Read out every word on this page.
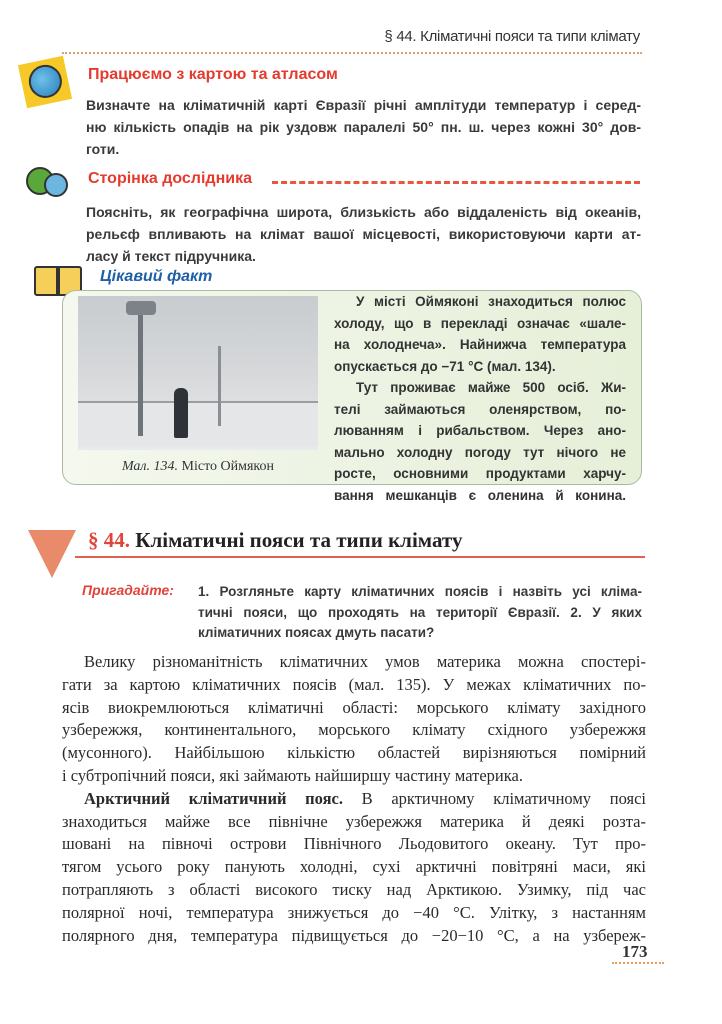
§ 44. Кліматичні пояси та типи клімату
Працюємо з картою та атласом
Визначте на кліматичній карті Євразії річні амплітуди температур і серед-
ню кількість опадів на рік уздовж паралелі 50° пн. ш. через кожні 30° дов-
готи.
Сторінка дослідника
Поясніть, як географічна широта, близькість або віддаленість від океанів,
рельєф впливають на клімат вашої місцевості, використовуючи карти ат-
ласу й текст підручника.
Цікавий факт
Мал. 134. Місто Оймякон
У місті Оймяконі знаходиться полюс
холоду, що в перекладі означає «шале-
на холоднеча». Найнижча температура
опускається до −71 °С (мал. 134).
Тут проживає майже 500 осіб. Жи-
телі займаються оленярством, по-
люванням і рибальством. Через ано-
мально холодну погоду тут нічого не
росте, основними продуктами харчу-
вання мешканців є оленина й конина.
§ 44. Кліматичні пояси та типи клімату
Пригадайте: 1. Розгляньте карту кліматичних поясів і назвіть усі кліма-
тичні пояси, що проходять на території Євразії. 2. У яких
кліматичних поясах дмуть пасати?
Велику різноманітність кліматичних умов материка можна спостері-
гати за картою кліматичних поясів (мал. 135). У межах кліматичних по-
ясів виокремлюються кліматичні області: морського клімату західного
узбережжя, континентального, морського клімату східного узбережжя
(мусонного). Найбільшою кількістю областей вирізняються помірний
і субтропічний пояси, які займають найширшу частину материка.
Арктичний кліматичний пояс. В арктичному кліматичному поясі
знаходиться майже все північне узбережжя материка й деякі розта-
шовані на півночі острови Північного Льодовитого океану. Тут про-
тягом усього року панують холодні, сухі арктичні повітряні маси, які
потрапляють з області високого тиску над Арктикою. Узимку, під час
полярної ночі, температура знижується до −40 °С. Улітку, з настанням
полярного дня, температура підвищується до −20−10 °С, а на узбереж-
173
